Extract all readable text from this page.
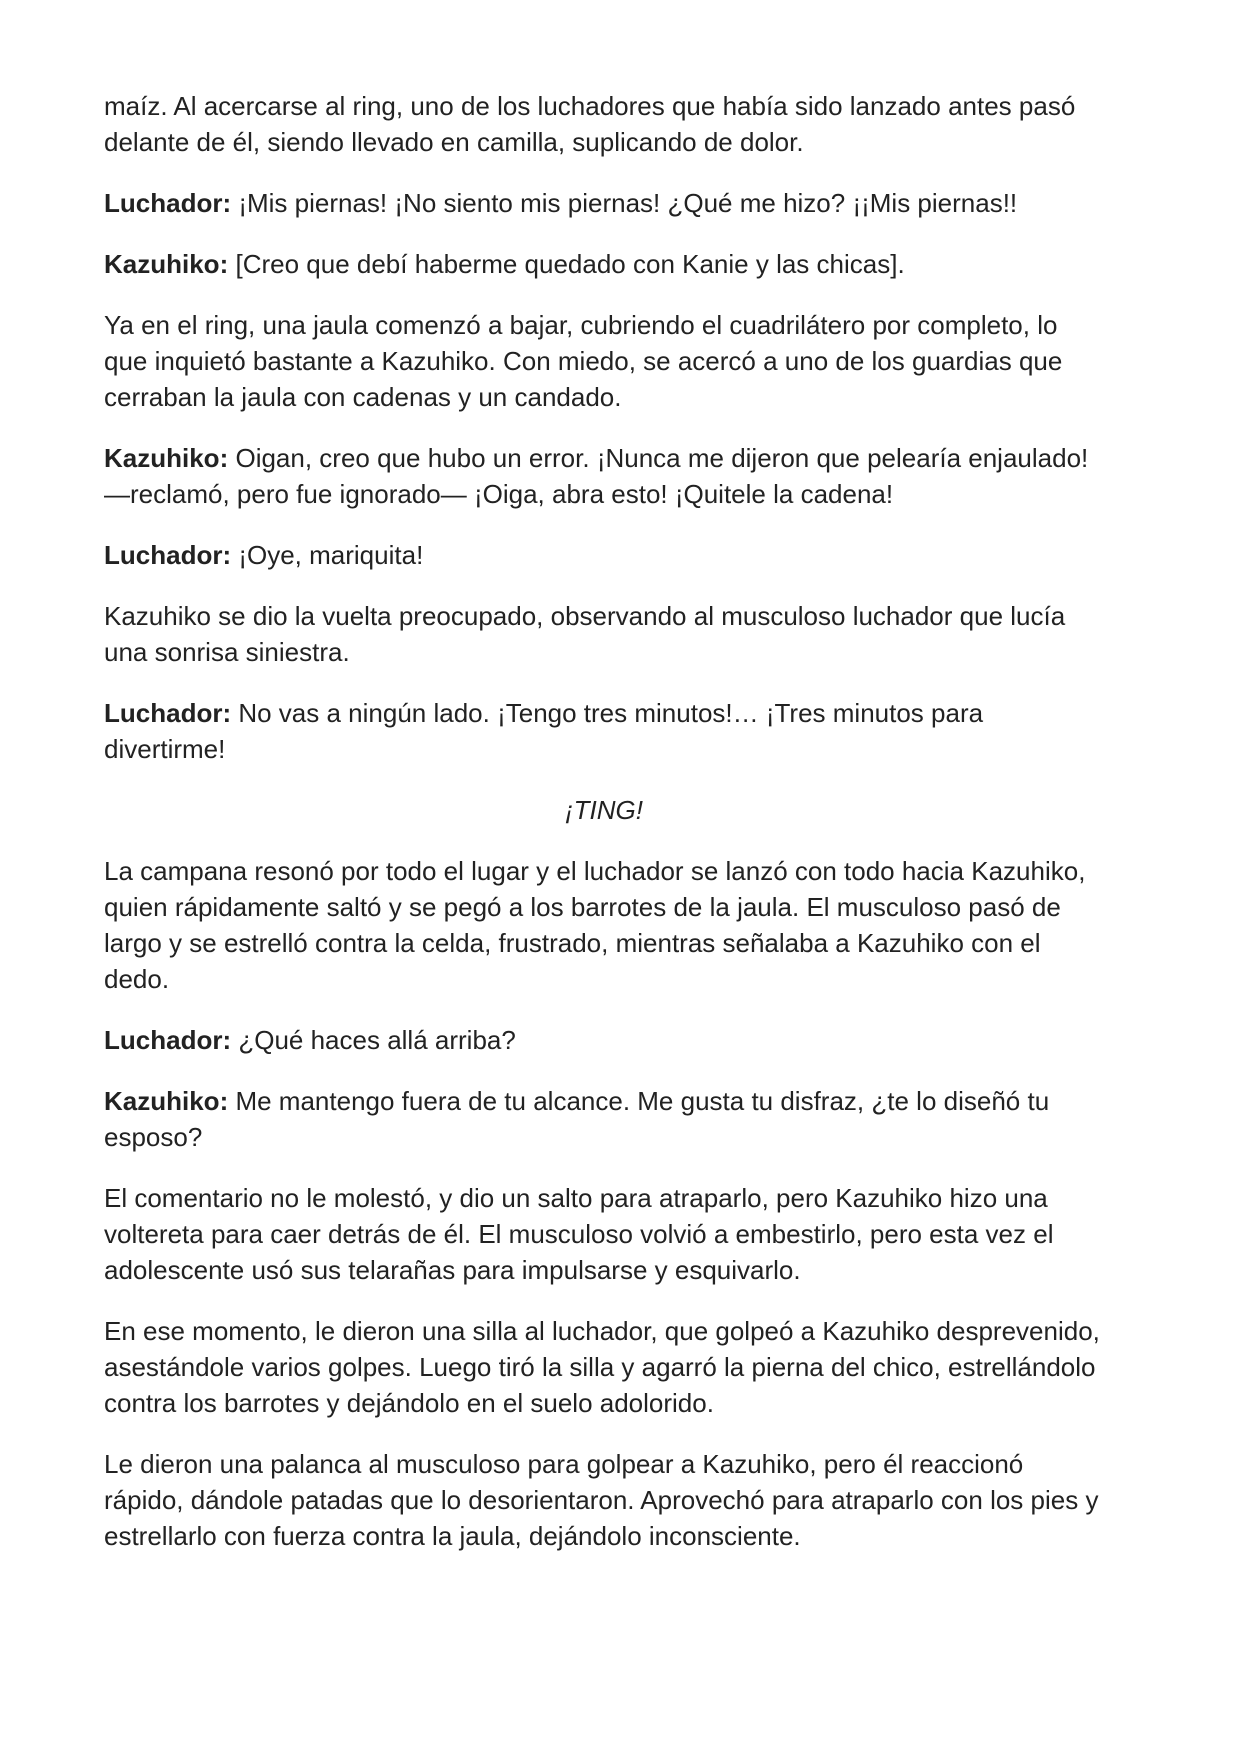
maíz. Al acercarse al ring, uno de los luchadores que había sido lanzado antes pasó delante de él, siendo llevado en camilla, suplicando de dolor.

Luchador: ¡Mis piernas! ¡No siento mis piernas! ¿Qué me hizo? ¡¡Mis piernas!!

Kazuhiko: [Creo que debí haberme quedado con Kanie y las chicas].

Ya en el ring, una jaula comenzó a bajar, cubriendo el cuadrilátero por completo, lo que inquietó bastante a Kazuhiko. Con miedo, se acercó a uno de los guardias que cerraban la jaula con cadenas y un candado.

Kazuhiko: Oigan, creo que hubo un error. ¡Nunca me dijeron que pelearía enjaulado! —reclamó, pero fue ignorado— ¡Oiga, abra esto! ¡Quitele la cadena!

Luchador: ¡Oye, mariquita!

Kazuhiko se dio la vuelta preocupado, observando al musculoso luchador que lucía una sonrisa siniestra.

Luchador: No vas a ningún lado. ¡Tengo tres minutos!… ¡Tres minutos para divertirme!

¡TING!

La campana resonó por todo el lugar y el luchador se lanzó con todo hacia Kazuhiko, quien rápidamente saltó y se pegó a los barrotes de la jaula. El musculoso pasó de largo y se estrelló contra la celda, frustrado, mientras señalaba a Kazuhiko con el dedo.

Luchador: ¿Qué haces allá arriba?

Kazuhiko: Me mantengo fuera de tu alcance. Me gusta tu disfraz, ¿te lo diseñó tu esposo?

El comentario no le molestó, y dio un salto para atraparlo, pero Kazuhiko hizo una voltereta para caer detrás de él. El musculoso volvió a embestirlo, pero esta vez el adolescente usó sus telarañas para impulsarse y esquivarlo.

En ese momento, le dieron una silla al luchador, que golpeó a Kazuhiko desprevenido, asestándole varios golpes. Luego tiró la silla y agarró la pierna del chico, estrellándolo contra los barrotes y dejándolo en el suelo adolorido.

Le dieron una palanca al musculoso para golpear a Kazuhiko, pero él reaccionó rápido, dándole patadas que lo desorientaron. Aprovechó para atraparlo con los pies y estrellarlo con fuerza contra la jaula, dejándolo inconsciente.
